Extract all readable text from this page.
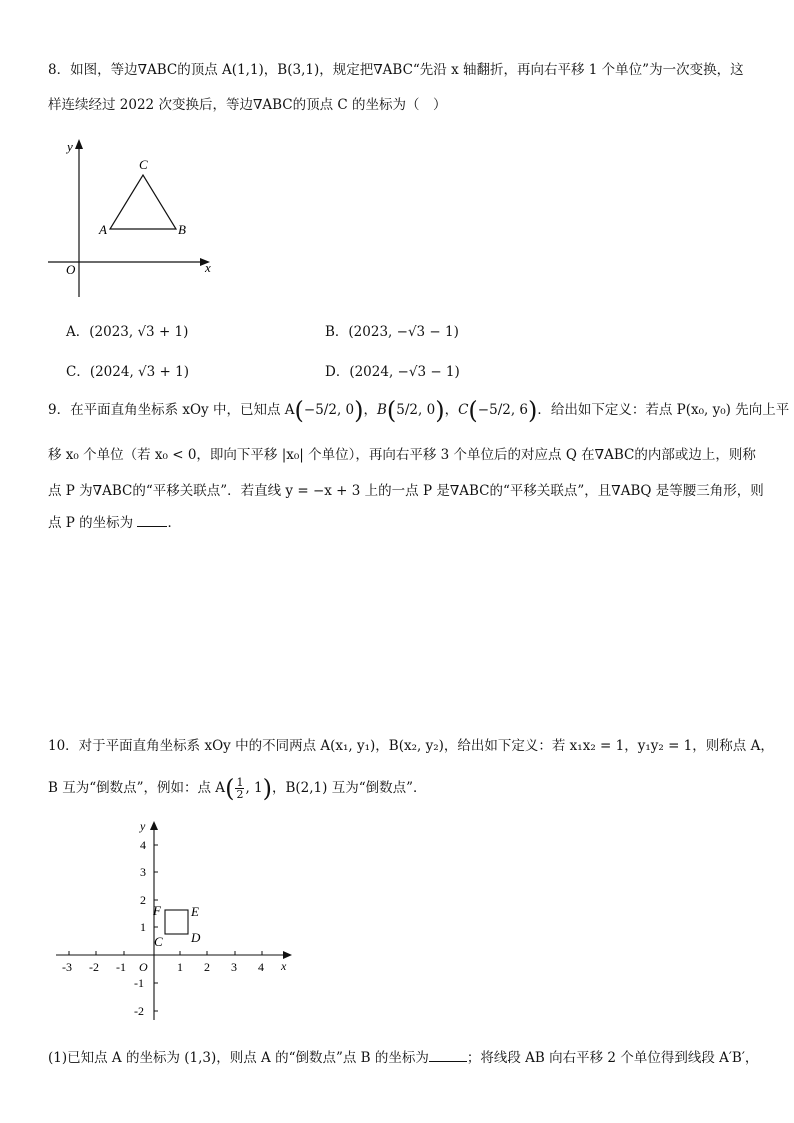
8．如图，等边∇ABC的顶点 A(1,1)，B(3,1)，规定把∇ABC“先沿 x 轴翻折，再向右平移 1 个单位”为一次变换，这
样连续经过 2022 次变换后，等边∇ABC的顶点 C 的坐标为（　）
y
x
O
A	B
C
A．(2023, √3 + 1)	B．(2023, −√3 − 1)
C．(2024, √3 + 1)	D．(2024, −√3 − 1)
9．在平面直角坐标系 xOy 中，已知点 A(−5/2, 0)，B(5/2, 0)，C(−5/2, 6)．给出如下定义：若点 P(x₀, y₀) 先向上平
移 x₀ 个单位（若 x₀ < 0，即向下平移 |x₀| 个单位），再向右平移 3 个单位后的对应点 Q 在∇ABC的内部或边上，则称
点 P 为∇ABC的“平移关联点”．若直线 y = −x + 3 上的一点 P 是∇ABC的“平移关联点”，且∇ABQ 是等腰三角形，则
点 P 的坐标为	．
10．对于平面直角坐标系 xOy 中的不同两点 A(x₁, y₁)，B(x₂, y₂)，给出如下定义：若 x₁x₂ = 1，y₁y₂ = 1，则称点 A，
B 互为“倒数点”，例如：点 $A( \frac{1}{2}$ , 1)，B(2,1) 互为“倒数点”．
y
x
O
4
3
2
1
-1
-2
-3 -2 -1	1 2 3 4
F E
C D
(1)已知点 A 的坐标为 (1,3)，则点 A 的“倒数点”点 B 的坐标为	；将线段 AB 向右平移 2 个单位得到线段 A′B′，
